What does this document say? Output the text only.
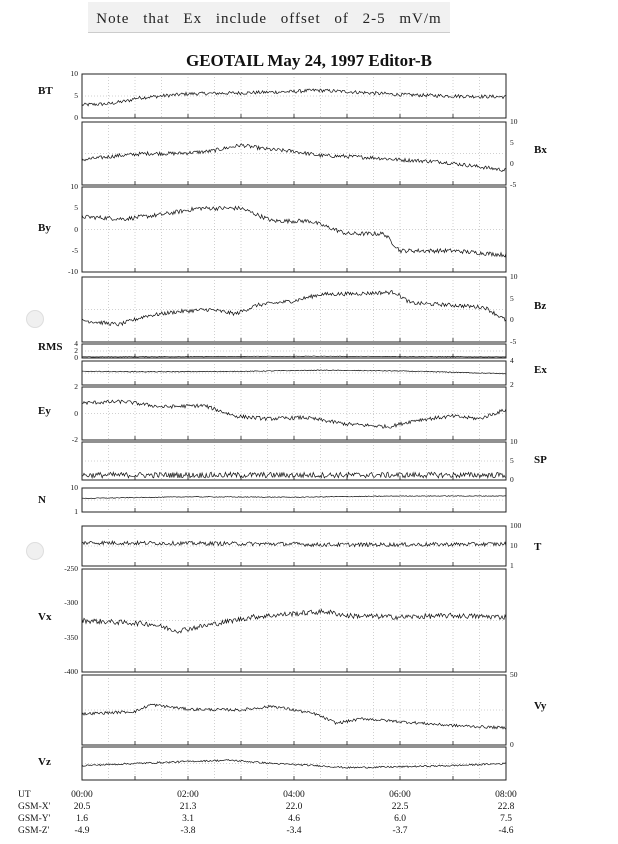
Note that Ex include offset of 2-5 mV/m
GEOTAIL May 24, 1997 Editor-B
BT
10
5
0
Bx
10
5
0
-5
By
10
5
0
-5
-10
Bz
10
5
0
-5
RMS	4
2
0
Ex
4
2
Ey
2
0
-2
SP
10
5
0
N
10
1
T
100
10
1
Vx
-250
-300
-350
-400
Vy
50
0
Vz
UT	00:00	02:00	04:00	06:00	08:00
GSM-X'	20.5	21.3	22.0	22.5	22.8
GSM-Y'	1.6	3.1	4.6	6.0	7.5
GSM-Z'	-4.9	-3.8	-3.4	-3.7	-4.6
